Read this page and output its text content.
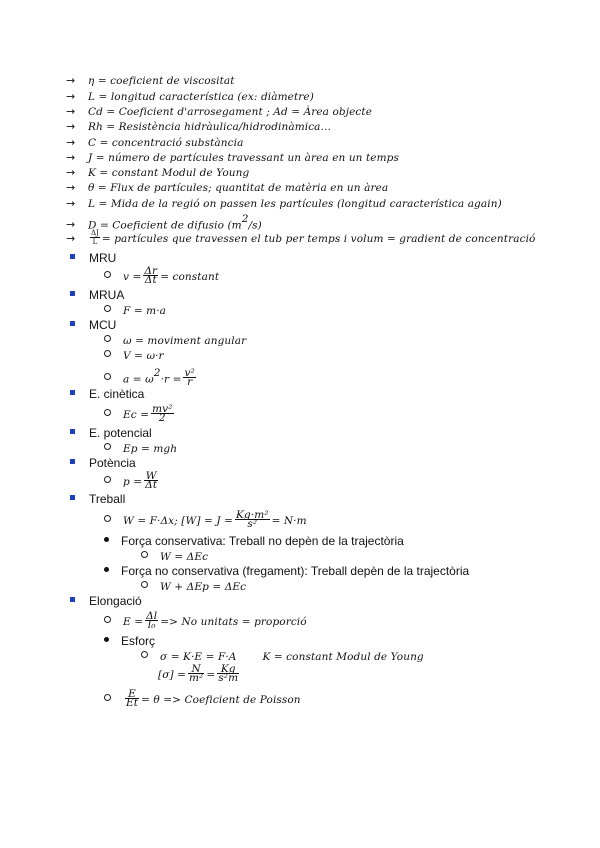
→ η = coeficient de viscositat
→ L = longitud característica (ex: diàmetre)
→ Cd = Coeficient d'arrosegament ; Ad = Àrea objecte
→ Rh = Resistència hidràulica/hidrodinàmica…
→ C = concentració substància
→ J = número de partícules travessant un àrea en un temps
→ K = constant Modul de Young
→ θ = Flux de partícules; quantitat de matèria en un àrea
→ L = Mida de la regió on passen les partícules (longitud característica again)
→ D = Coeficient de difusio $(m^2/s)$
→ $\frac{\Delta J}{L}$ = partícules que travessen el tub per temps i volum = gradient de concentració
MRU
$v = \frac{\Delta r}{\Delta t}$ = constant
MRUA
F = m·a
MCU
ω = moviment angular
V = ω·r
$a = \omega^2\cdot r = \frac{\text{v²}}{r}$
E. cinètica
$Ec = \frac{\text{mv²}}{2}$
E. potencial
Ep = mgh
Potència
$p = \frac{W}{\Delta t}$
Treball
W = F·Δx; $[W] = J = \frac{\text{Kg·m²}}{\text{s²}} = N\cdot m$
Força conservativa: Treball no depèn de la trajectòria
W = ΔEc
Força no conservativa (fregament): Treball depèn de la trajectòria
W + ΔEp = ΔEc
Elongació
$E = \frac{\Delta l}{\text{l₀}} => No$ unitats = proporció
Esforç
σ = K·E = F·A K = constant Modul de Young
$[\sigma] = \frac{N}{\text{m²}} = \frac{Kg}{\text{s²m}}$
$\frac{E}{Et} = \theta$ => Coeficient de Poisson
